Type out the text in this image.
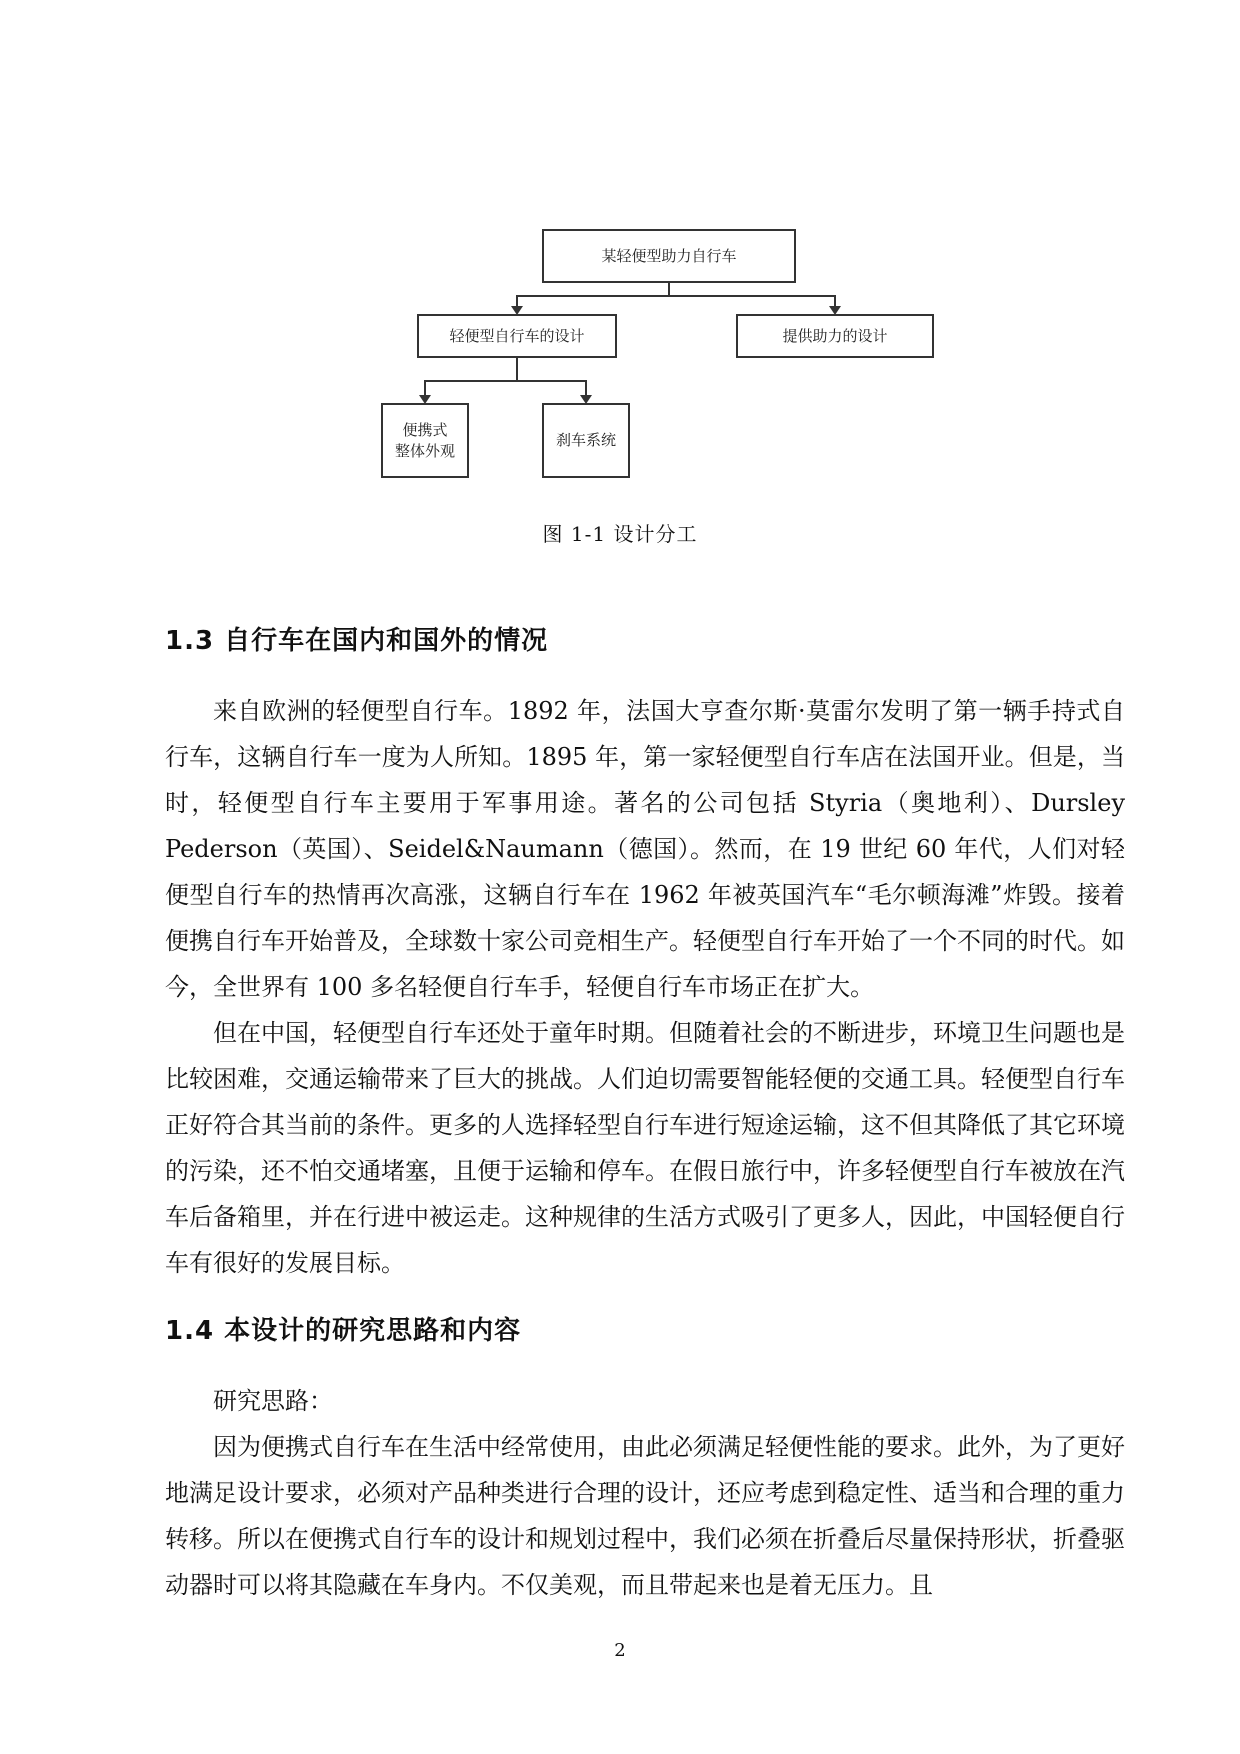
某轻便型助力自行车
轻便型自行车的设计	提供助力的设计
便携式
整体外观
刹车系统
图 1-1 设计分工
1.3 自行车在国内和国外的情况

来自欧洲的轻便型自行车。1892 年，法国大亨查尔斯·莫雷尔发明了第一辆手持式自行车，这辆自行车一度为人所知。1895 年，第一家轻便型自行车店在法国开业。但是，当时，轻便型自行车主要用于军事用途。著名的公司包括 Styria（奥地利）、Dursley Pederson（英国）、Seidel&Naumann（德国）。然而，在 19 世纪 60 年代，人们对轻便型自行车的热情再次高涨，这辆自行车在 1962 年被英国汽车“毛尔顿海滩”炸毁。接着便携自行车开始普及，全球数十家公司竞相生产。轻便型自行车开始了一个不同的时代。如今，全世界有 100 多名轻便自行车手，轻便自行车市场正在扩大。

但在中国，轻便型自行车还处于童年时期。但随着社会的不断进步，环境卫生问题也是比较困难，交通运输带来了巨大的挑战。人们迫切需要智能轻便的交通工具。轻便型自行车正好符合其当前的条件。更多的人选择轻型自行车进行短途运输，这不但其降低了其它环境的污染，还不怕交通堵塞，且便于运输和停车。在假日旅行中，许多轻便型自行车被放在汽车后备箱里，并在行进中被运走。这种规律的生活方式吸引了更多人，因此，中国轻便自行车有很好的发展目标。

1.4 本设计的研究思路和内容
研究思路：

因为便携式自行车在生活中经常使用，由此必须满足轻便性能的要求。此外，为了更好地满足设计要求，必须对产品种类进行合理的设计，还应考虑到稳定性、适当和合理的重力转移。所以在便携式自行车的设计和规划过程中，我们必须在折叠后尽量保持形状，折叠驱动器时可以将其隐藏在车身内。不仅美观，而且带起来也是着无压力。且

2
